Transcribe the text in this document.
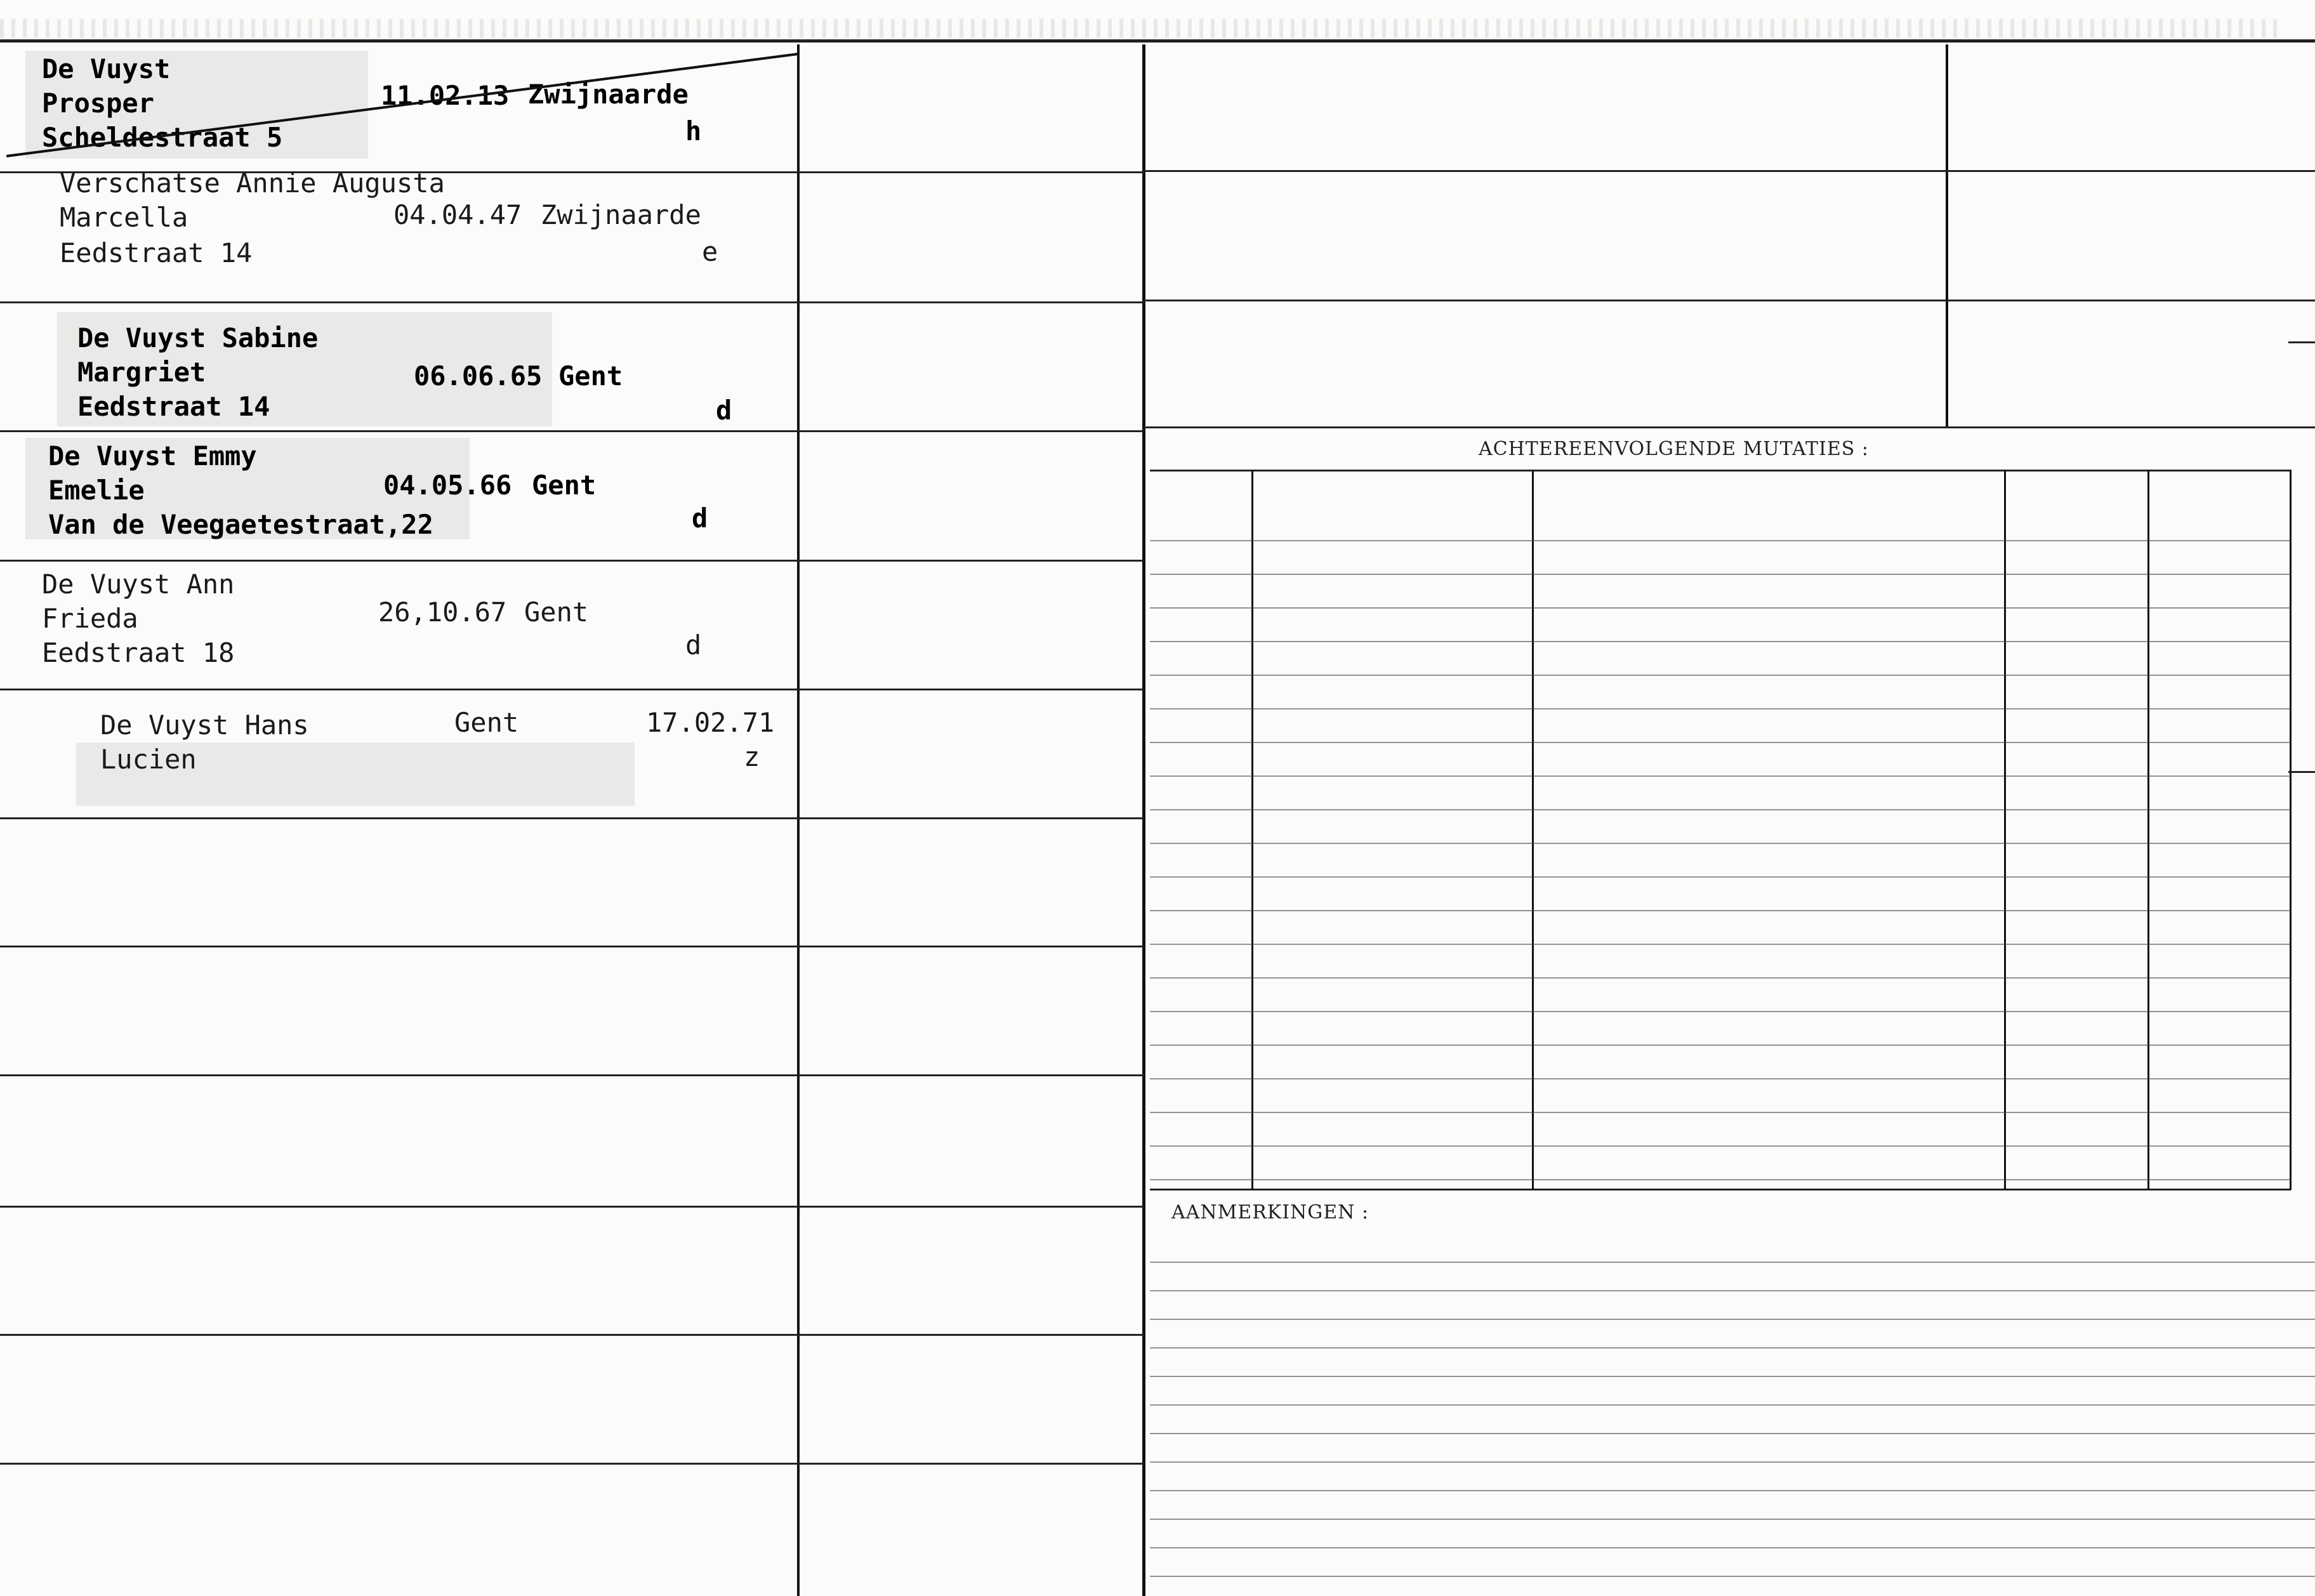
ACHTEREENVOLGENDE MUTATIES :
AANMERKINGEN :
De Vuyst
Prosper
Scheldestraat 5
11.02.13 Zwijnaarde
h
Verschatse Annie Augusta
Marcella
Eedstraat 14
04.04.47 Zwijnaarde
e
De Vuyst Sabine
Margriet
Eedstraat 14
06.06.65 Gent
d
De Vuyst Emmy
Emelie
Van de Veegaetestraat,22
04.05.66 Gent
d
De Vuyst Ann
Frieda
Eedstraat 18
26,10.67 Gent
d
De Vuyst Hans
Lucien
Gent	17.02.71
z
